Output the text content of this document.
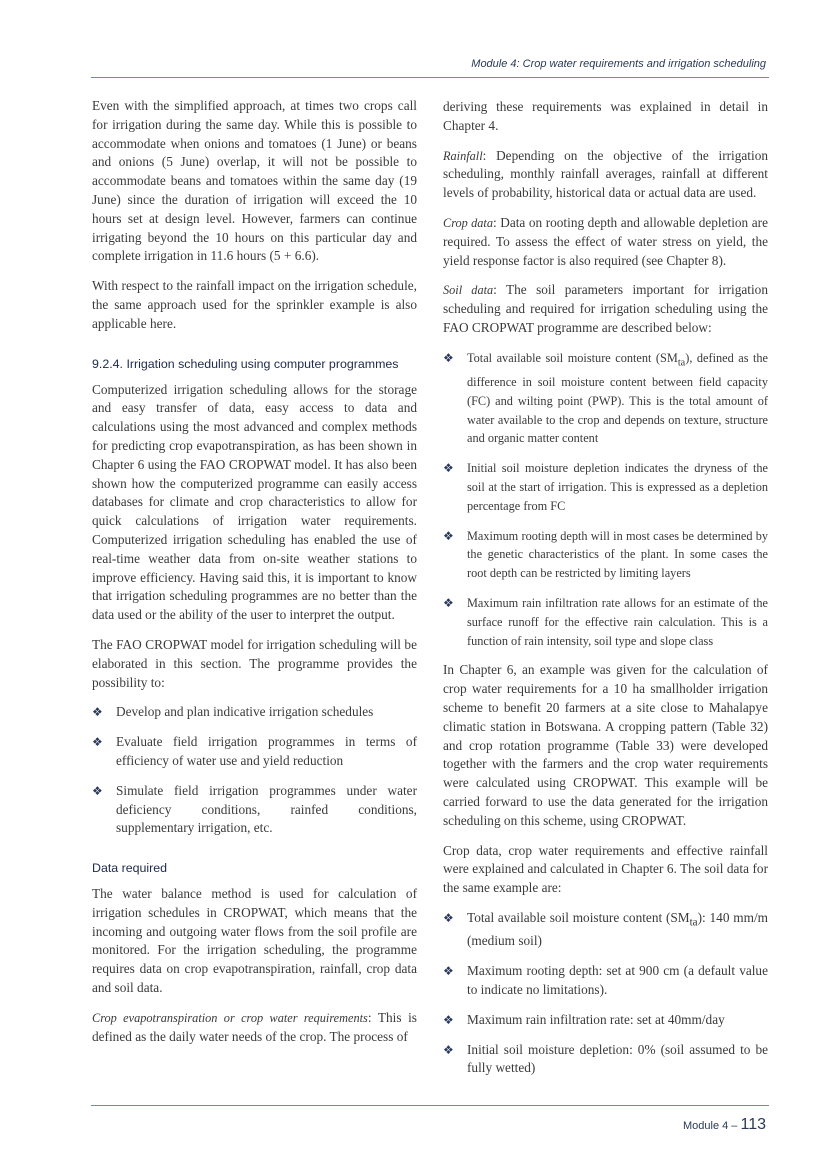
Module 4: Crop water requirements and irrigation scheduling

Even with the simplified approach, at times two crops call for irrigation during the same day. While this is possible to accommodate when onions and tomatoes (1 June) or beans and onions (5 June) overlap, it will not be possible to accommodate beans and tomatoes within the same day (19 June) since the duration of irrigation will exceed the 10 hours set at design level. However, farmers can continue irrigating beyond the 10 hours on this particular day and complete irrigation in 11.6 hours (5 + 6.6).

With respect to the rainfall impact on the irrigation schedule, the same approach used for the sprinkler example is also applicable here.

9.2.4. Irrigation scheduling using computer programmes

Computerized irrigation scheduling allows for the storage and easy transfer of data, easy access to data and calculations using the most advanced and complex methods for predicting crop evapotranspiration, as has been shown in Chapter 6 using the FAO CROPWAT model. It has also been shown how the computerized programme can easily access databases for climate and crop characteristics to allow for quick calculations of irrigation water requirements. Computerized irrigation scheduling has enabled the use of real-time weather data from on-site weather stations to improve efficiency. Having said this, it is important to know that irrigation scheduling programmes are no better than the data used or the ability of the user to interpret the output.

The FAO CROPWAT model for irrigation scheduling will be elaborated in this section. The programme provides the possibility to:

❖ Develop and plan indicative irrigation schedules
❖ Evaluate field irrigation programmes in terms of efficiency of water use and yield reduction
❖ Simulate field irrigation programmes under water deficiency conditions, rainfed conditions, supplementary irrigation, etc.
Data required

The water balance method is used for calculation of irrigation schedules in CROPWAT, which means that the incoming and outgoing water flows from the soil profile are monitored. For the irrigation scheduling, the programme requires data on crop evapotranspiration, rainfall, crop data and soil data.

Crop evapotranspiration or crop water requirements: This is defined as the daily water needs of the crop. The process of

deriving these requirements was explained in detail in Chapter 4.

Rainfall: Depending on the objective of the irrigation scheduling, monthly rainfall averages, rainfall at different levels of probability, historical data or actual data are used.

Crop data: Data on rooting depth and allowable depletion are required. To assess the effect of water stress on yield, the yield response factor is also required (see Chapter 8).

Soil data: The soil parameters important for irrigation scheduling and required for irrigation scheduling using the FAO CROPWAT programme are described below:

❖ Total available soil moisture content $(SM_{ta})$, defined as the difference in soil moisture content between field capacity (FC) and wilting point (PWP). This is the total amount of water available to the crop and depends on texture, structure and organic matter content
❖ Initial soil moisture depletion indicates the dryness of the soil at the start of irrigation. This is expressed as a depletion percentage from FC
❖ Maximum rooting depth will in most cases be determined by the genetic characteristics of the plant. In some cases the root depth can be restricted by limiting layers
❖ Maximum rain infiltration rate allows for an estimate of the surface runoff for the effective rain calculation. This is a function of rain intensity, soil type and slope class

In Chapter 6, an example was given for the calculation of crop water requirements for a 10 ha smallholder irrigation scheme to benefit 20 farmers at a site close to Mahalapye climatic station in Botswana. A cropping pattern (Table 32) and crop rotation programme (Table 33) were developed together with the farmers and the crop water requirements were calculated using CROPWAT. This example will be carried forward to use the data generated for the irrigation scheduling on this scheme, using CROPWAT.

Crop data, crop water requirements and effective rainfall were explained and calculated in Chapter 6. The soil data for the same example are:

❖ Total available soil moisture content $(SM_{ta})$: 140 mm/m (medium soil)
❖ Maximum rooting depth: set at 900 cm (a default value to indicate no limitations).
❖ Maximum rain infiltration rate: set at 40mm/day
❖ Initial soil moisture depletion: 0% (soil assumed to be fully wetted)
Module 4 – 113
